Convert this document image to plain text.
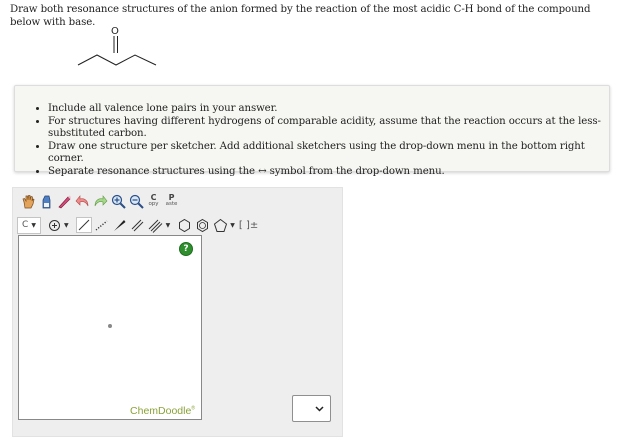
Draw both resonance structures of the anion formed by the reaction of the most acidic C-H bond of the compound below with base.
O
• Include all valence lone pairs in your answer.
• For structures having different hydrogens of comparable acidity, assume that the reaction occurs at the less-substituted carbon.
• Draw one structure per sketcher. Add additional sketchers using the drop-down menu in the bottom right corner.
• Separate resonance structures using the ↔ symbol from the drop-down menu.
C
opy
P
aste
C ▼	▼	▼	▼ [ ]±
?
ChemDoodle®
